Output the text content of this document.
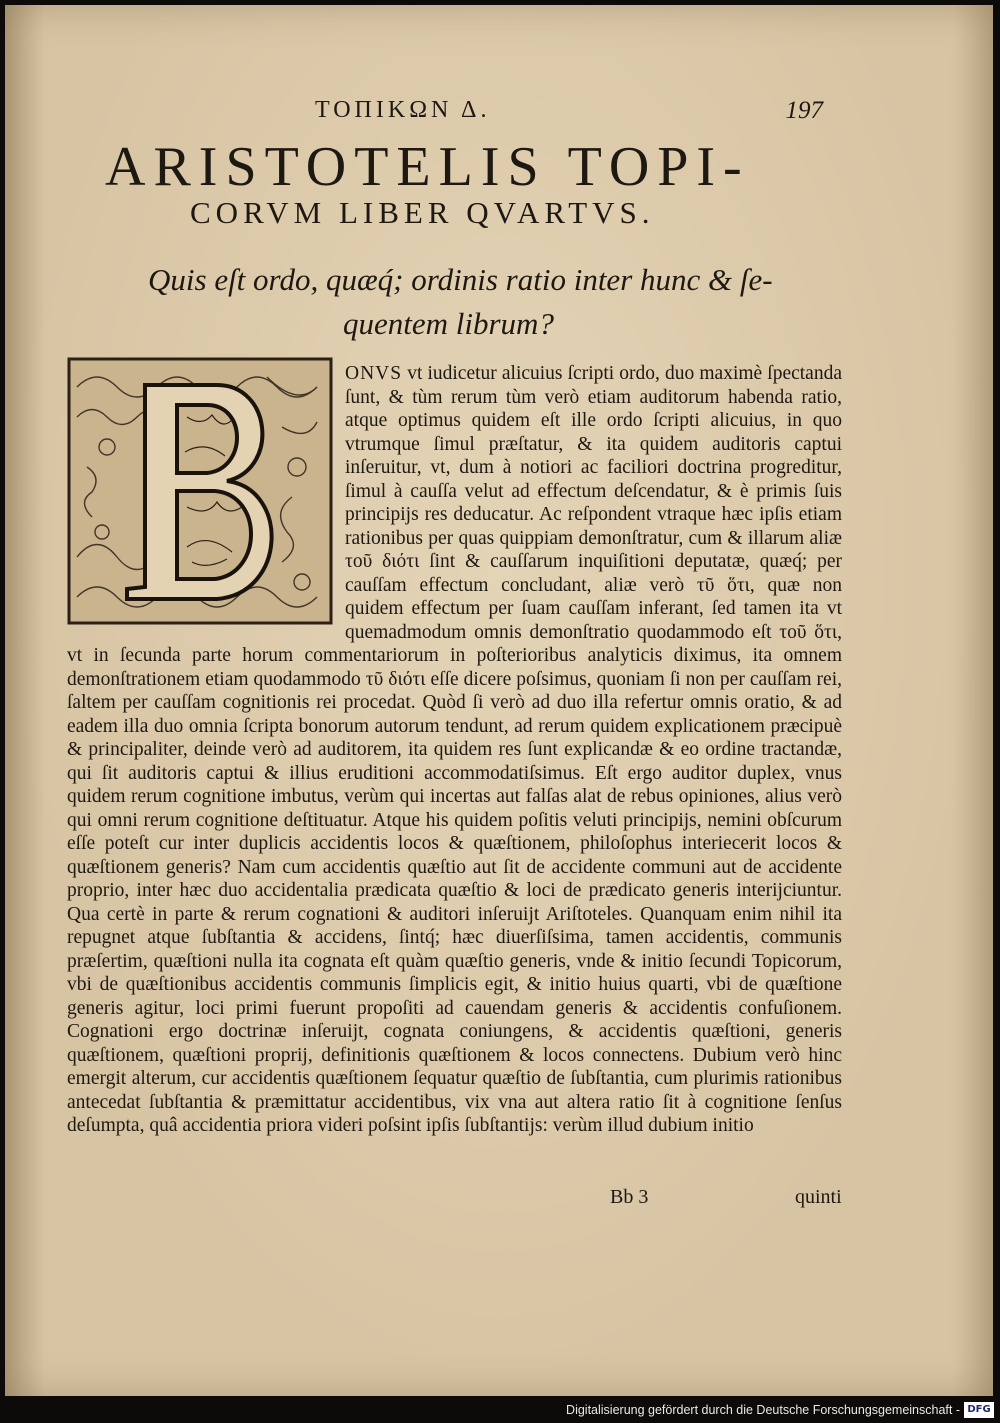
ΤΟΠΙΚΩΝ Δ.	197
ARISTOTELIS TOPI-
CORVM LIBER QVARTVS.
Quis eſt ordo, quæq́; ordinis ratio inter hunc & ſe-
quentem librum?

ONVS vt iudicetur alicuius ſcripti ordo, duo maximè ſpectanda ſunt, & tùm rerum tùm verò etiam auditorum habenda ratio, atque optimus quidem eſt ille ordo ſcripti alicuius, in quo vtrumque ſimul præſtatur, & ita quidem auditoris captui inſeruitur, vt, dum à notiori ac faciliori doctrina progreditur, ſimul à cauſſa velut ad effectum deſcendatur, & è primis ſuis principijs res deducatur. Ac reſpondent vtraque hæc ipſis etiam rationibus per quas quippiam demonſtratur, cum & illarum aliæ τοῦ διότι ſint & cauſſarum inquiſitioni deputatæ, quæq́; per cauſſam effectum concludant, aliæ verò τῦ ὅτι, quæ non quidem effectum per ſuam cauſſam inferant, ſed tamen ita vt quemadmodum omnis demonſtratio quodammodo eſt τοῦ ὅτι, vt in ſecunda parte horum commentariorum in poſterioribus analyticis diximus, ita omnem demonſtrationem etiam quodammodo τῦ διότι eſſe dicere poſsimus, quoniam ſi non per cauſſam rei, ſaltem per cauſſam cognitionis rei procedat. Quòd ſi verò ad duo illa refertur omnis oratio, & ad eadem illa duo omnia ſcripta bonorum autorum tendunt, ad rerum quidem explicationem præcipuè & principaliter, deinde verò ad auditorem, ita quidem res ſunt explicandæ & eo ordine tractandæ, qui ſit auditoris captui & illius eruditioni accommodatiſsimus. Eſt ergo auditor duplex, vnus quidem rerum cognitione imbutus, verùm qui incertas aut falſas alat de rebus opiniones, alius verò qui omni rerum cognitione deſtituatur. Atque his quidem poſitis veluti principijs, nemini obſcurum eſſe poteſt cur inter duplicis accidentis locos & quæſtionem, philoſophus interiecerit locos & quæſtionem generis? Nam cum accidentis quæſtio aut ſit de accidente communi aut de accidente proprio, inter hæc duo accidentalia prædicata quæſtio & loci de prædicato generis interijciuntur. Qua certè in parte & rerum cognationi & auditori inſeruijt Ariſtoteles. Quanquam enim nihil ita repugnet atque ſubſtantia & accidens, ſintq́; hæc diuerſiſsima, tamen accidentis, communis præſertim, quæſtioni nulla ita cognata eſt quàm quæſtio generis, vnde & initio ſecundi Topicorum, vbi de quæſtionibus accidentis communis ſimplicis egit, & initio huius quarti, vbi de quæſtione generis agitur, loci primi fuerunt propoſiti ad cauendam generis & accidentis confuſionem. Cognationi ergo doctrinæ inſeruijt, cognata coniungens, & accidentis quæſtioni, generis quæſtionem, quæſtioni proprij, definitionis quæſtionem & locos connectens. Dubium verò hinc emergit alterum, cur accidentis quæſtionem ſequatur quæſtio de ſubſtantia, cum plurimis rationibus antecedat ſubſtantia & præmittatur accidentibus, vix vna aut altera ratio ſit à cognitione ſenſus deſumpta, quâ accidentia priora videri poſsint ipſis ſubſtantijs: verùm illud dubium initio

Bb 3	quinti
Digitalisierung gefördert durch die Deutsche Forschungsgemeinschaft - DFG
